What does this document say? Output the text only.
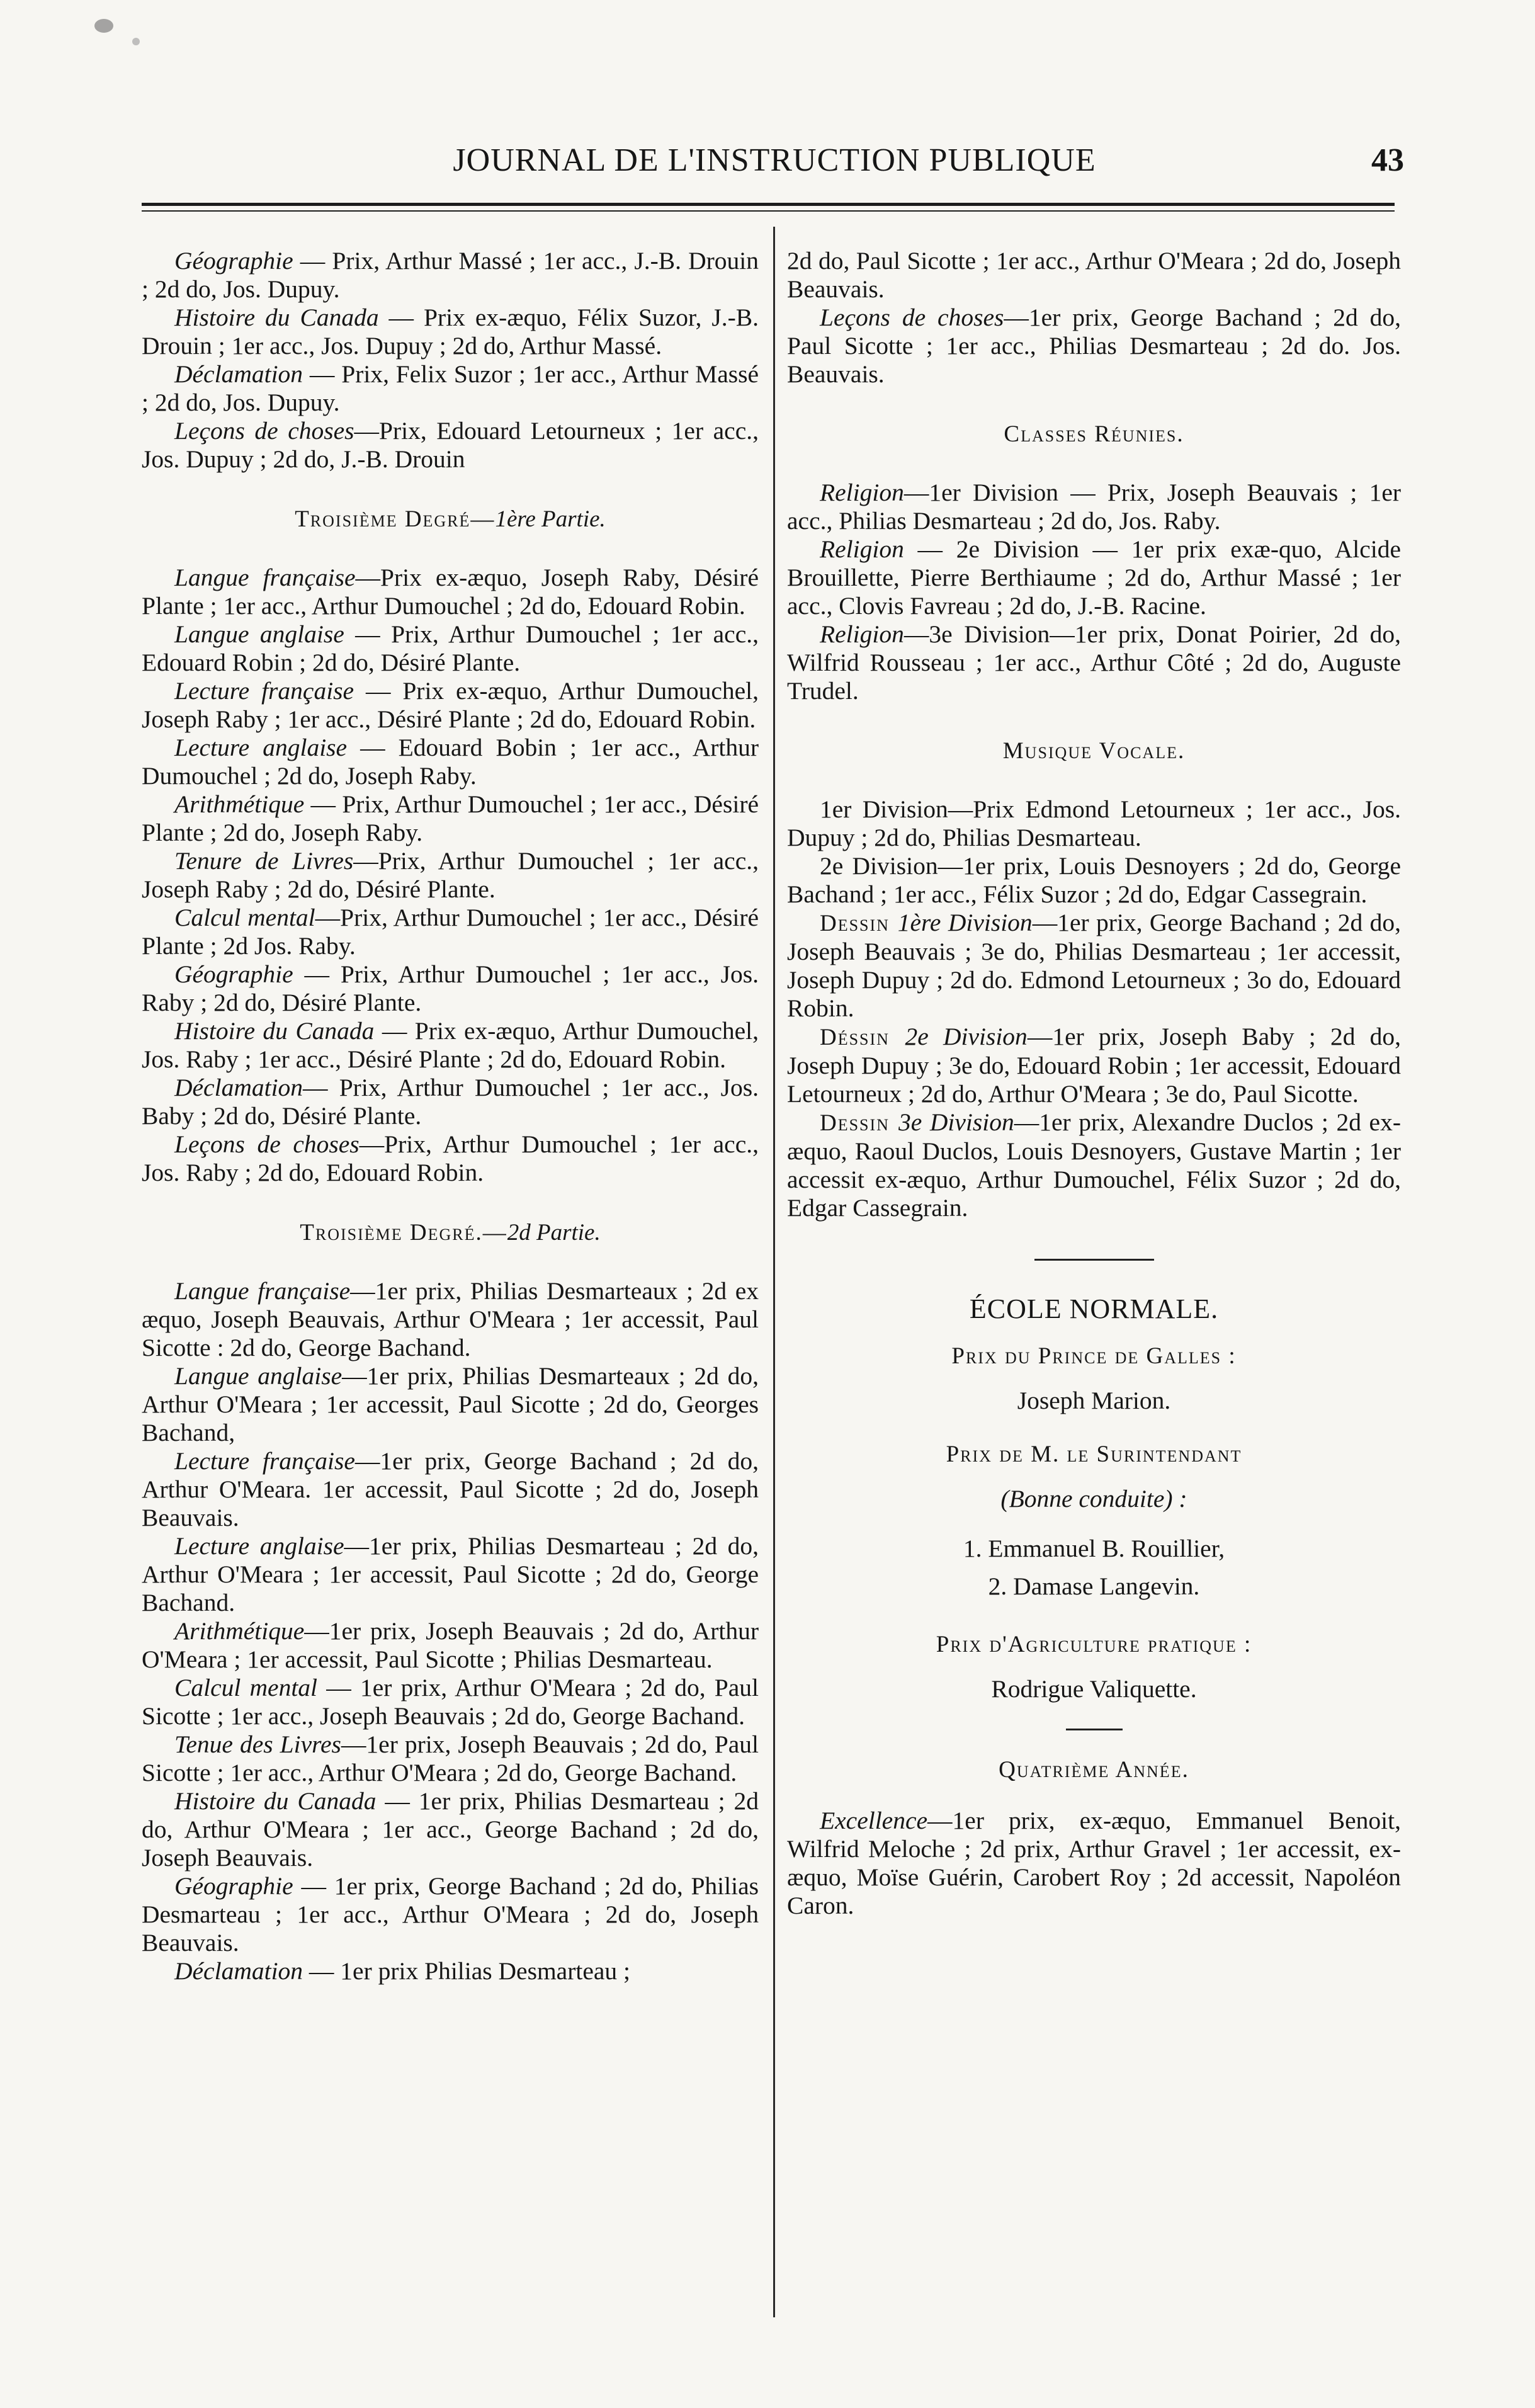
JOURNAL DE L'INSTRUCTION PUBLIQUE	43

Géographie — Prix, Arthur Massé ; 1er acc., J.-B. Drouin ; 2d do, Jos. Dupuy.

Histoire du Canada — Prix ex-æquo, Félix Suzor, J.-B. Drouin ; 1er acc., Jos. Dupuy ; 2d do, Arthur Massé.

Déclamation — Prix, Felix Suzor ; 1er acc., Arthur Massé ; 2d do, Jos. Dupuy.

Leçons de choses—Prix, Edouard Letourneux ; 1er acc., Jos. Dupuy ; 2d do, J.-B. Drouin

Troisième Degré—1ère Partie.

Langue française—Prix ex-æquo, Joseph Raby, Désiré Plante ; 1er acc., Arthur Dumouchel ; 2d do, Edouard Robin.

Langue anglaise — Prix, Arthur Dumouchel ; 1er acc., Edouard Robin ; 2d do, Désiré Plante.

Lecture française — Prix ex-æquo, Arthur Dumouchel, Joseph Raby ; 1er acc., Désiré Plante ; 2d do, Edouard Robin.

Lecture anglaise — Edouard Bobin ; 1er acc., Arthur Dumouchel ; 2d do, Joseph Raby.

Arithmétique — Prix, Arthur Dumouchel ; 1er acc., Désiré Plante ; 2d do, Joseph Raby.

Tenure de Livres—Prix, Arthur Dumouchel ; 1er acc., Joseph Raby ; 2d do, Désiré Plante.

Calcul mental—Prix, Arthur Dumouchel ; 1er acc., Désiré Plante ; 2d Jos. Raby.

Géographie — Prix, Arthur Dumouchel ; 1er acc., Jos. Raby ; 2d do, Désiré Plante.

Histoire du Canada — Prix ex-æquo, Arthur Dumouchel, Jos. Raby ; 1er acc., Désiré Plante ; 2d do, Edouard Robin.

Déclamation— Prix, Arthur Dumouchel ; 1er acc., Jos. Baby ; 2d do, Désiré Plante.

Leçons de choses—Prix, Arthur Dumouchel ; 1er acc., Jos. Raby ; 2d do, Edouard Robin.

Troisième Degré.—2d Partie.

Langue française—1er prix, Philias Desmarteaux ; 2d ex æquo, Joseph Beauvais, Arthur O'Meara ; 1er accessit, Paul Sicotte : 2d do, George Bachand.

Langue anglaise—1er prix, Philias Desmarteaux ; 2d do, Arthur O'Meara ; 1er accessit, Paul Sicotte ; 2d do, Georges Bachand,

Lecture française—1er prix, George Bachand ; 2d do, Arthur O'Meara. 1er accessit, Paul Sicotte ; 2d do, Joseph Beauvais.

Lecture anglaise—1er prix, Philias Desmarteau ; 2d do, Arthur O'Meara ; 1er accessit, Paul Sicotte ; 2d do, George Bachand.

Arithmétique—1er prix, Joseph Beauvais ; 2d do, Arthur O'Meara ; 1er accessit, Paul Sicotte ; Philias Desmarteau.

Calcul mental — 1er prix, Arthur O'Meara ; 2d do, Paul Sicotte ; 1er acc., Joseph Beauvais ; 2d do, George Bachand.

Tenue des Livres—1er prix, Joseph Beauvais ; 2d do, Paul Sicotte ; 1er acc., Arthur O'Meara ; 2d do, George Bachand.

Histoire du Canada — 1er prix, Philias Desmarteau ; 2d do, Arthur O'Meara ; 1er acc., George Bachand ; 2d do, Joseph Beauvais.

Géographie — 1er prix, George Bachand ; 2d do, Philias Desmarteau ; 1er acc., Arthur O'Meara ; 2d do, Joseph Beauvais.

Déclamation — 1er prix Philias Desmarteau ;

2d do, Paul Sicotte ; 1er acc., Arthur O'Meara ; 2d do, Joseph Beauvais.

Leçons de choses—1er prix, George Bachand ; 2d do, Paul Sicotte ; 1er acc., Philias Desmarteau ; 2d do. Jos. Beauvais.

Classes Réunies.

Religion—1er Division — Prix, Joseph Beauvais ; 1er acc., Philias Desmarteau ; 2d do, Jos. Raby.

Religion — 2e Division — 1er prix exæ-quo, Alcide Brouillette, Pierre Berthiaume ; 2d do, Arthur Massé ; 1er acc., Clovis Favreau ; 2d do, J.-B. Racine.

Religion—3e Division—1er prix, Donat Poirier, 2d do, Wilfrid Rousseau ; 1er acc., Arthur Côté ; 2d do, Auguste Trudel.

Musique Vocale.

1er Division—Prix Edmond Letourneux ; 1er acc., Jos. Dupuy ; 2d do, Philias Desmarteau.

2e Division—1er prix, Louis Desnoyers ; 2d do, George Bachand ; 1er acc., Félix Suzor ; 2d do, Edgar Cassegrain.

Dessin 1ère Division—1er prix, George Bachand ; 2d do, Joseph Beauvais ; 3e do, Philias Desmarteau ; 1er accessit, Joseph Dupuy ; 2d do. Edmond Letourneux ; 3o do, Edouard Robin.

Déssin 2e Division—1er prix, Joseph Baby ; 2d do, Joseph Dupuy ; 3e do, Edouard Robin ; 1er accessit, Edouard Letourneux ; 2d do, Arthur O'Meara ; 3e do, Paul Sicotte.

Dessin 3e Division—1er prix, Alexandre Duclos ; 2d ex-æquo, Raoul Duclos, Louis Desnoyers, Gustave Martin ; 1er accessit ex-æquo, Arthur Dumouchel, Félix Suzor ; 2d do, Edgar Cassegrain.

ÉCOLE NORMALE.

Prix du Prince de Galles :

Joseph Marion.

Prix de M. le Surintendant

(Bonne conduite) :

1. Emmanuel B. Rouillier,

2. Damase Langevin.

Prix d'Agriculture pratique :

Rodrigue Valiquette.

Quatrième Année.

Excellence—1er prix, ex-æquo, Emmanuel Benoit, Wilfrid Meloche ; 2d prix, Arthur Gravel ; 1er accessit, ex-æquo, Moïse Guérin, Carobert Roy ; 2d accessit, Napoléon Caron.
